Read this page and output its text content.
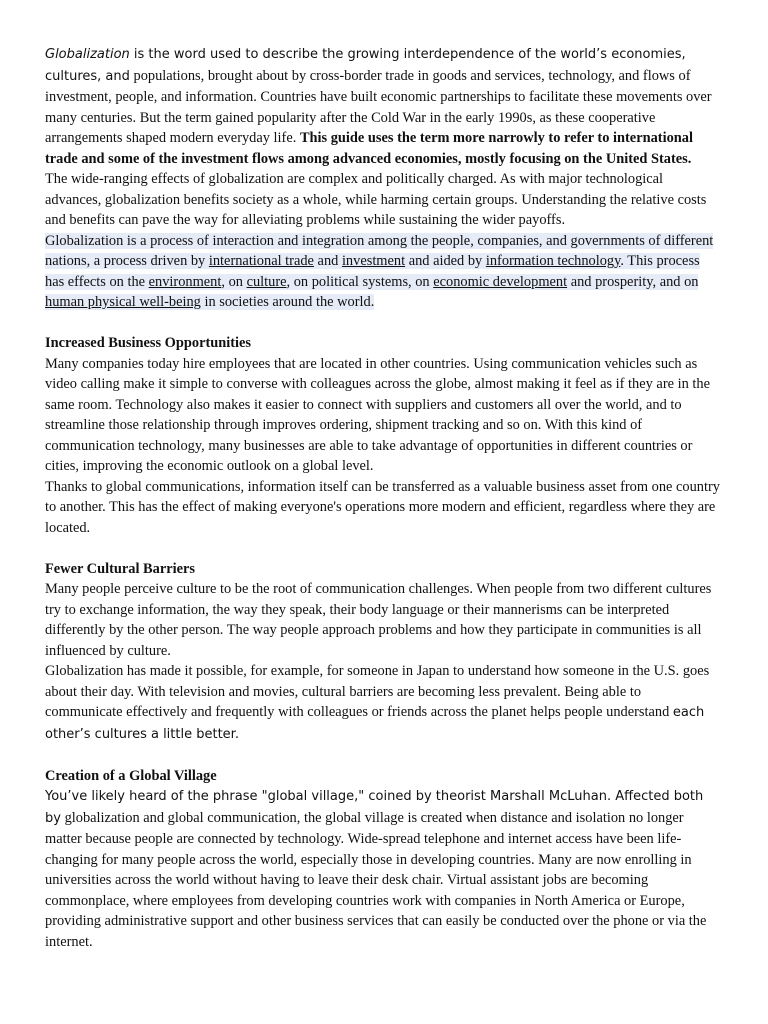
Globalization is the word used to describe the growing interdependence of the world’s economies, cultures, and populations, brought about by cross-border trade in goods and services, technology, and flows of investment, people, and information. Countries have built economic partnerships to facilitate these movements over many centuries. But the term gained popularity after the Cold War in the early 1990s, as these cooperative arrangements shaped modern everyday life. This guide uses the term more narrowly to refer to international trade and some of the investment flows among advanced economies, mostly focusing on the United States.

The wide-ranging effects of globalization are complex and politically charged. As with major technological advances, globalization benefits society as a whole, while harming certain groups. Understanding the relative costs and benefits can pave the way for alleviating problems while sustaining the wider payoffs.

Globalization is a process of interaction and integration among the people, companies, and governments of different nations, a process driven by international trade and investment and aided by information technology. This process has effects on the environment, on culture, on political systems, on economic development and prosperity, and on human physical well-being in societies around the world.

Increased Business Opportunities

Many companies today hire employees that are located in other countries. Using communication vehicles such as video calling make it simple to converse with colleagues across the globe, almost making it feel as if they are in the same room. Technology also makes it easier to connect with suppliers and customers all over the world, and to streamline those relationship through improves ordering, shipment tracking and so on. With this kind of communication technology, many businesses are able to take advantage of opportunities in different countries or cities, improving the economic outlook on a global level.

Thanks to global communications, information itself can be transferred as a valuable business asset from one country to another. This has the effect of making everyone's operations more modern and efficient, regardless where they are located.

Fewer Cultural Barriers

Many people perceive culture to be the root of communication challenges. When people from two different cultures try to exchange information, the way they speak, their body language or their mannerisms can be interpreted differently by the other person. The way people approach problems and how they participate in communities is all influenced by culture.

Globalization has made it possible, for example, for someone in Japan to understand how someone in the U.S. goes about their day. With television and movies, cultural barriers are becoming less prevalent. Being able to communicate effectively and frequently with colleagues or friends across the planet helps people understand each other’s cultures a little better.

Creation of a Global Village

You’ve likely heard of the phrase "global village," coined by theorist Marshall McLuhan. Affected both by globalization and global communication, the global village is created when distance and isolation no longer matter because people are connected by technology. Wide-spread telephone and internet access have been life-changing for many people across the world, especially those in developing countries. Many are now enrolling in universities across the world without having to leave their desk chair. Virtual assistant jobs are becoming commonplace, where employees from developing countries work with companies in North America or Europe, providing administrative support and other business services that can easily be conducted over the phone or via the internet.
